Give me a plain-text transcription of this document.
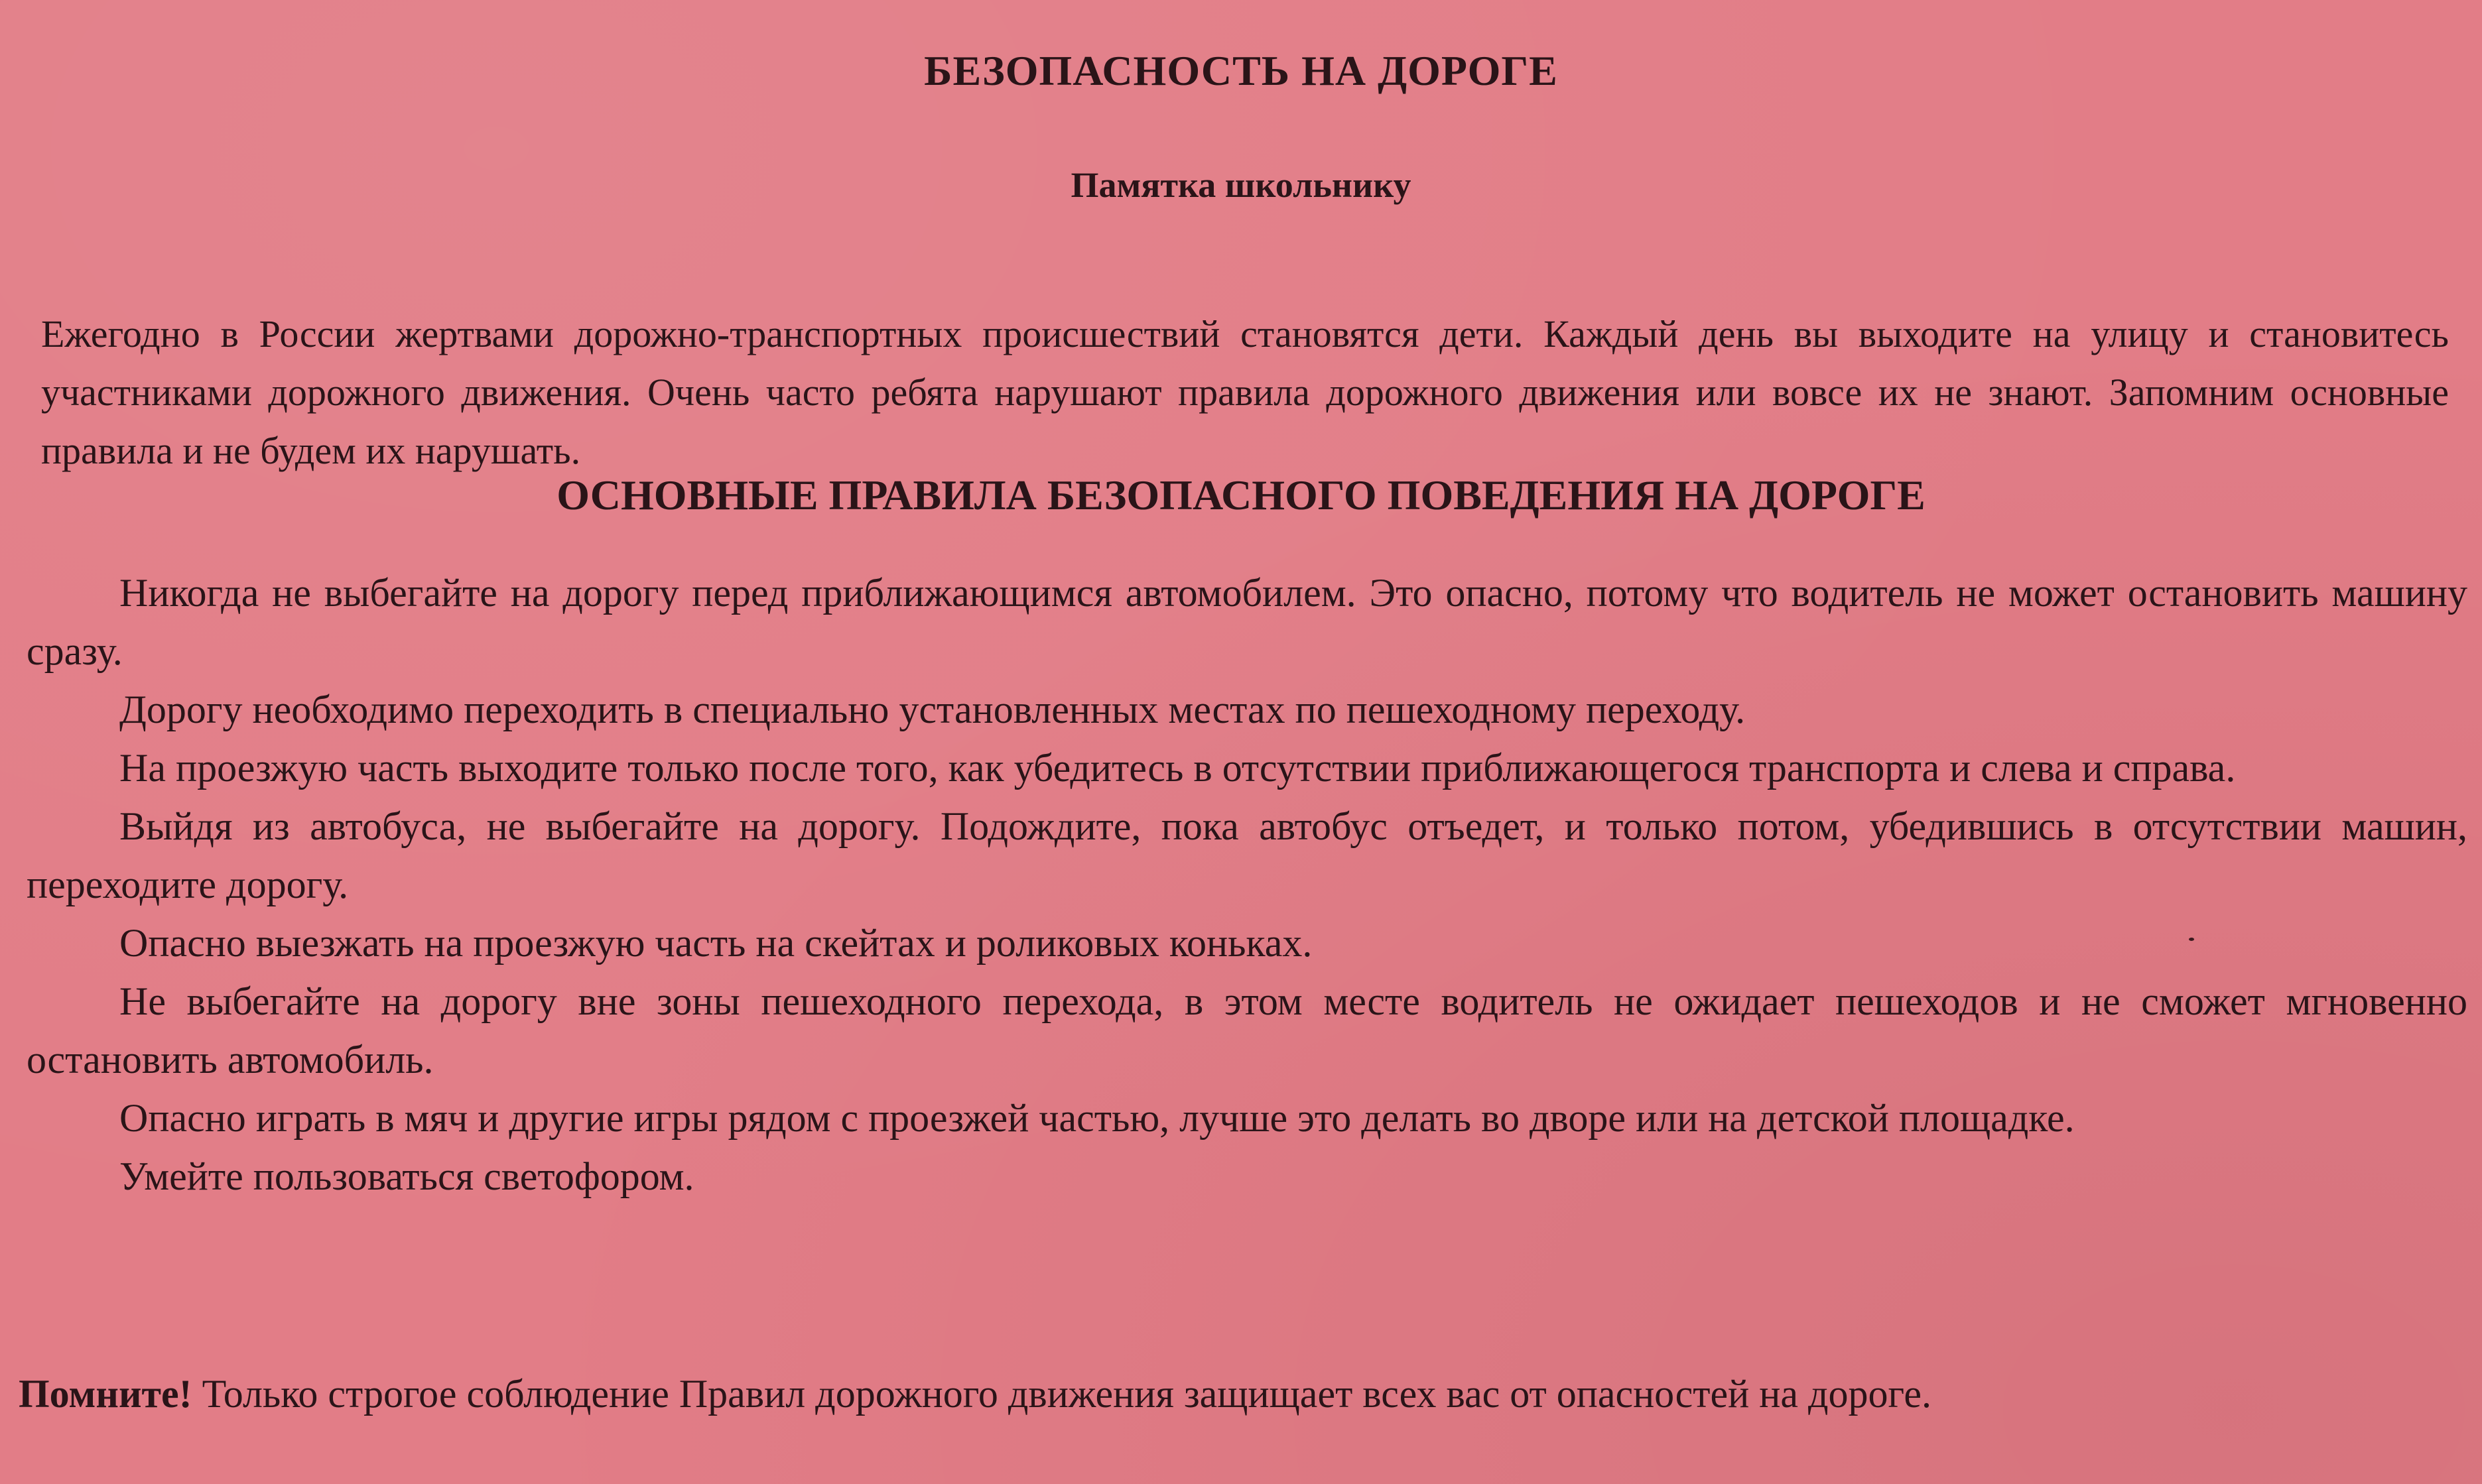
БЕЗОПАСНОСТЬ НА ДОРОГЕ
Памятка школьнику

Ежегодно в России жертвами дорожно-транспортных происшествий становятся дети. Каждый день вы выходите на улицу и становитесь участниками дорожного движения. Очень часто ребята нарушают правила дорожного движения или вовсе их не знают. Запомним основные правила и не будем их нарушать.

ОСНОВНЫЕ ПРАВИЛА БЕЗОПАСНОГО ПОВЕДЕНИЯ НА ДОРОГЕ
Никогда не выбегайте на дорогу перед приближающимся автомобилем. Это опасно, потому что водитель не может остановить машину сразу.
Дорогу необходимо переходить в специально установленных местах по пешеходному переходу.
На проезжую часть выходите только после того, как убедитесь в отсутствии приближающегося транспорта и слева и справа.
Выйдя из автобуса, не выбегайте на дорогу. Подождите, пока автобус отъедет, и только потом, убедившись в отсутствии машин, переходите дорогу.
Опасно выезжать на проезжую часть на скейтах и роликовых коньках.
Не выбегайте на дорогу вне зоны пешеходного перехода, в этом месте водитель не ожидает пешеходов и не сможет мгновенно остановить автомобиль.
Опасно играть в мяч и другие игры рядом с проезжей частью, лучше это делать во дворе или на детской площадке.
Умейте пользоваться светофором.

Помните! Только строгое соблюдение Правил дорожного движения защищает всех вас от опасностей на дороге.
